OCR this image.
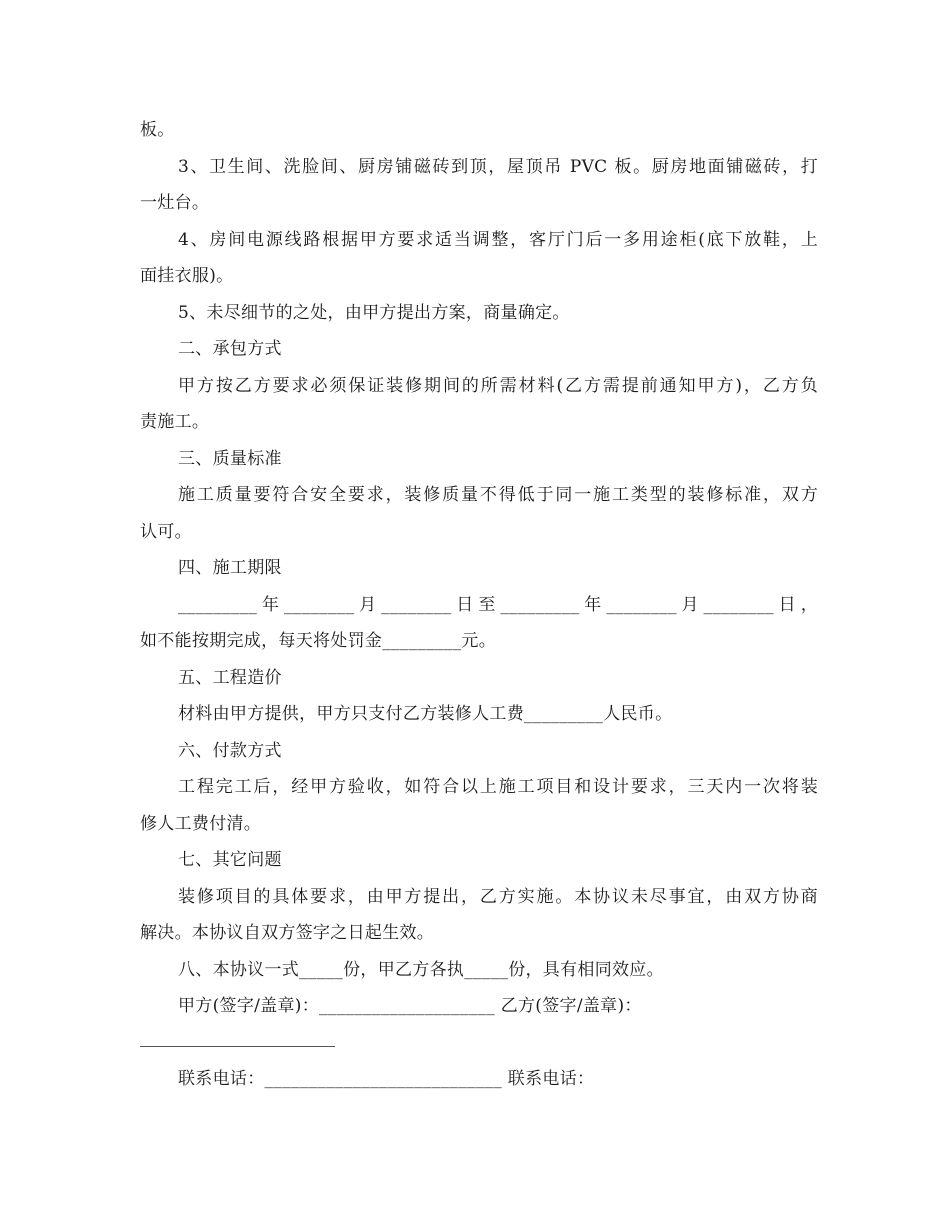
板。
3、卫生间、洗脸间、厨房铺磁砖到顶，屋顶吊 PVC 板。厨房地面铺磁砖，打
一灶台。
4、房间电源线路根据甲方要求适当调整，客厅门后一多用途柜(底下放鞋，上
面挂衣服)。
5、未尽细节的之处，由甲方提出方案，商量确定。
二、承包方式
甲方按乙方要求必须保证装修期间的所需材料(乙方需提前通知甲方)，乙方负
责施工。
三、质量标准
施工质量要符合安全要求，装修质量不得低于同一施工类型的装修标准，双方
认可。
四、施工期限
_________年________月________日至_________年________月________日，
如不能按期完成，每天将处罚金_________元。
五、工程造价
材料由甲方提供，甲方只支付乙方装修人工费_________人民币。
六、付款方式
工程完工后，经甲方验收，如符合以上施工项目和设计要求，三天内一次将装
修人工费付清。
七、其它问题
装修项目的具体要求，由甲方提出，乙方实施。本协议未尽事宜，由双方协商
解决。本协议自双方签字之日起生效。
八、本协议一式_____份，甲乙方各执_____份，具有相同效应。
甲方(签字/盖章)：____________________ 乙方(签字/盖章)：
联系电话：___________________________ 联系电话：
